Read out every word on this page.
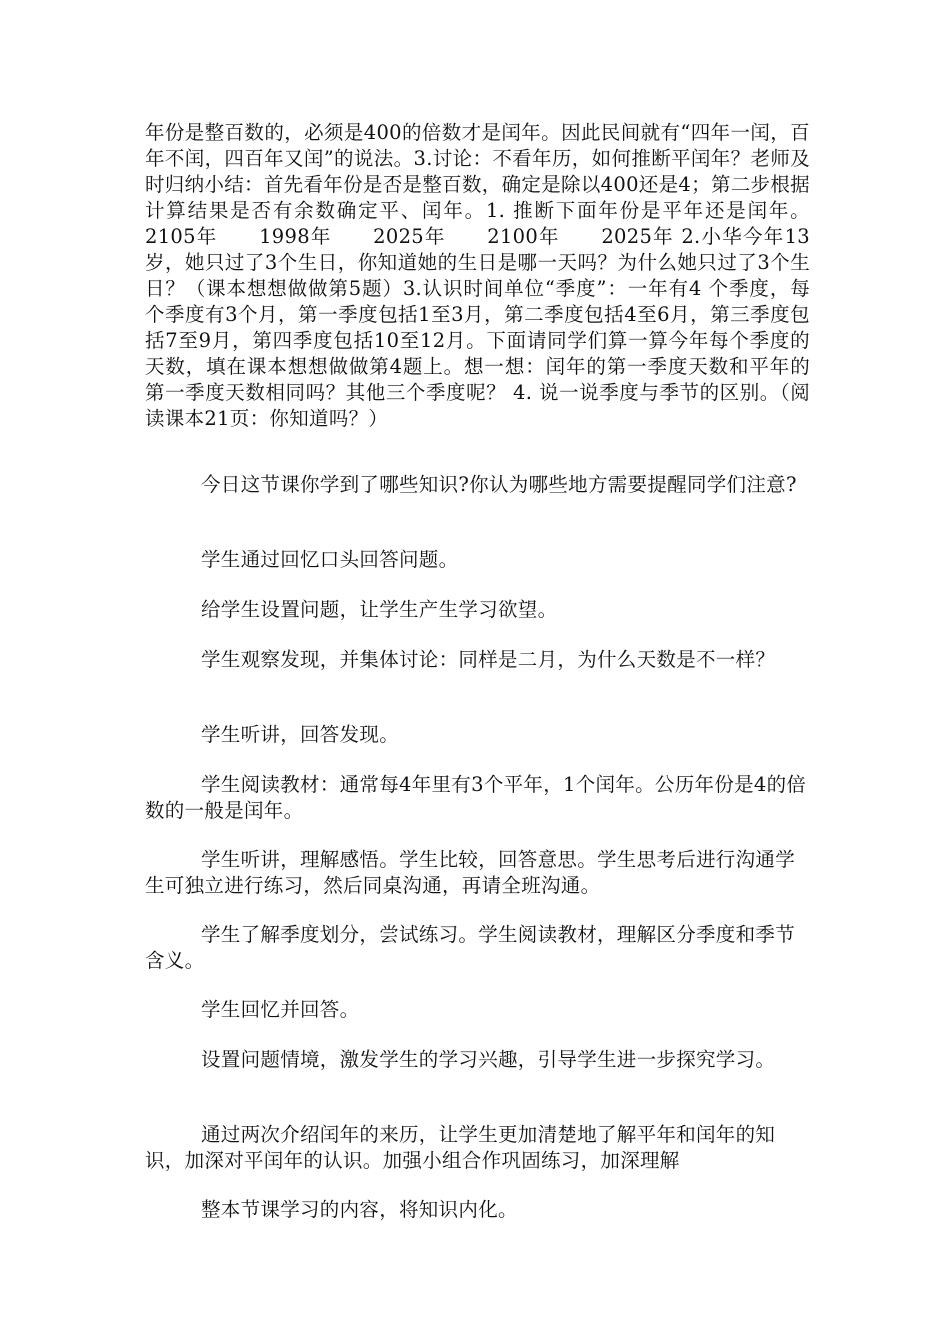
年份是整百数的，必须是400的倍数才是闰年。因此民间就有“四年一闰，百年不闰，四百年又闰”的说法。3.讨论：不看年历，如何推断平闰年？老师及时归纳小结：首先看年份是否是整百数，确定是除以400还是4；第二步根据计算结果是否有余数确定平、闰年。1. 推断下面年份是平年还是闰年。2105年　　1998年　　2025年　　2100年　　2025年 2.小华今年13岁，她只过了3个生日，你知道她的生日是哪一天吗？为什么她只过了3个生日？（课本想想做做第5题）3.认识时间单位“季度”：一年有4 个季度，每个季度有3个月，第一季度包括1至3月，第二季度包括4至6月，第三季度包括7至9月，第四季度包括10至12月。下面请同学们算一算今年每个季度的天数，填在课本想想做做第4题上。想一想：闰年的第一季度天数和平年的第一季度天数相同吗？其他三个季度呢？ 4. 说一说季度与季节的区别。（阅读课本21页：你知道吗？）

今日这节课你学到了哪些知识?你认为哪些地方需要提醒同学们注意?

学生通过回忆口头回答问题。

给学生设置问题，让学生产生学习欲望。

学生观察发现，并集体讨论：同样是二月，为什么天数是不一样？

学生听讲，回答发现。

学生阅读教材：通常每4年里有3个平年，1个闰年。公历年份是4的倍数的一般是闰年。

学生听讲，理解感悟。学生比较，回答意思。学生思考后进行沟通学生可独立进行练习，然后同桌沟通，再请全班沟通。

学生了解季度划分，尝试练习。学生阅读教材，理解区分季度和季节含义。

学生回忆并回答。

设置问题情境，激发学生的学习兴趣，引导学生进一步探究学习。

通过两次介绍闰年的来历，让学生更加清楚地了解平年和闰年的知识，加深对平闰年的认识。加强小组合作巩固练习，加深理解

整本节课学习的内容，将知识内化。
